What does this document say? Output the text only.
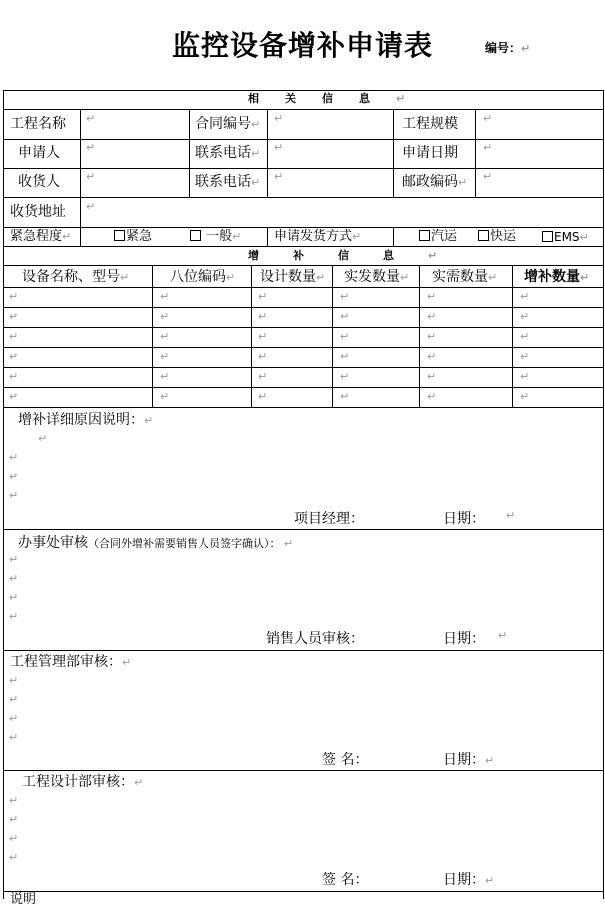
监控设备增补申请表	编号：↵
相关信息↵
工程名称 ↵	合同编号↵ ↵	工程规模 ↵
申请人 ↵	联系电话↵ ↵	申请日期 ↵
收货人 ↵	联系电话↵ ↵	邮政编码↵ ↵
收货地址 ↵
紧急程度↵	紧急	一般↵	申请发货方式↵	汽运	快运	EMS↵
增补信息↵
设备名称、型号↵	八位编码↵ 设计数量↵ 实发数量↵ 实需数量↵ 增补数量↵
↵	↵	↵	↵	↵	↵
↵	↵	↵	↵	↵	↵
↵	↵	↵	↵	↵	↵
↵	↵	↵	↵	↵	↵
↵	↵	↵	↵	↵	↵
↵	↵	↵	↵	↵	↵
增补详细原因说明：↵
↵
↵
↵
↵
项目经理：	日期： ↵
办事处审核（合同外增补需要销售人员签字确认）： ↵
↵
↵
↵
↵
销售人员审核：	日期： ↵
工程管理部审核：↵
↵
↵
↵
↵
签 名：	日期：↵
工程设计部审核：↵
↵
↵
↵
↵
签 名：	日期：↵
说明
